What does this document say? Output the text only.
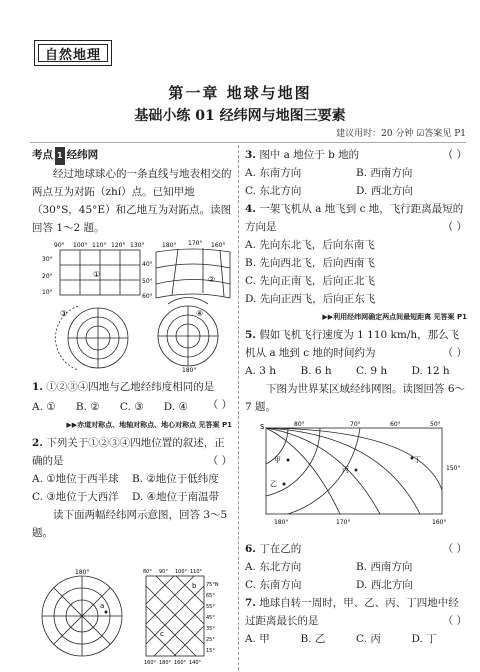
自然地理
第一章 地球与地图
基础小练 01 经纬网与地图三要素
建议用时：20 分钟 ☑答案见 P1
考点 1 经纬网
经过地球球心的一条直线与地表相交的两点互为对跖（zhí）点。已知甲地（30°S，45°E）和乙地互为对跖点。读图回答 1～2 题。
90° 100° 110° 120° 130°
30°
20°
10°
①
180° 170° 160°
40°
50°
60°
②
③	④
180°
1. ①②③④四地与乙地经纬度相同的是
（ ）
A. ①	B. ②	C. ③	D. ④
▶▶赤道对称点、地轴对称点、地心对称点 见答案 P1
2. 下列关于①②③④四地位置的叙述，正确的是	（ ）
A. ①地位于西半球	B. ②地位于低纬度
C. ③地位于大西洋	D. ④地位于南温带
读下面两幅经纬网示意图，回答 3～5 题。
180°
a
80° 90° 100° 110°
75°N
65°
55°
45°
35°
25°
15°
160° 180° 160° 140°
b
c
3. 图中 a 地位于 b 地的	（ ）
A. 东南方向	B. 西南方向
C. 东北方向	D. 西北方向
4. 一架飞机从 a 地飞到 c 地，飞行距离最短的方向是	（ ）
A. 先向东北飞，后向东南飞
B. 先向西北飞，后向西南飞
C. 先向正南飞，后向正北飞
D. 先向正西飞，后向正东飞
▶▶利用经纬网确定两点间最短距离 见答案 P1
5. 假如飞机飞行速度为 1 110 km/h，那么飞机从 a 地到 c 地的时间约为	（ ）
A. 3 h	B. 6 h	C. 9 h	D. 12 h
下图为世界某区域经纬网图。读图回答 6～7 题。
S	80°	70°	60°	50°
150°
180°	170°	160°
甲
乙
丙
丁
6. 丁在乙的	（ ）
A. 东北方向	B. 西南方向
C. 东南方向	D. 西北方向
7. 地球自转一周时，甲、乙、丙、丁四地中经过距离最长的是	（ ）
A. 甲	B. 乙	C. 丙	D. 丁
